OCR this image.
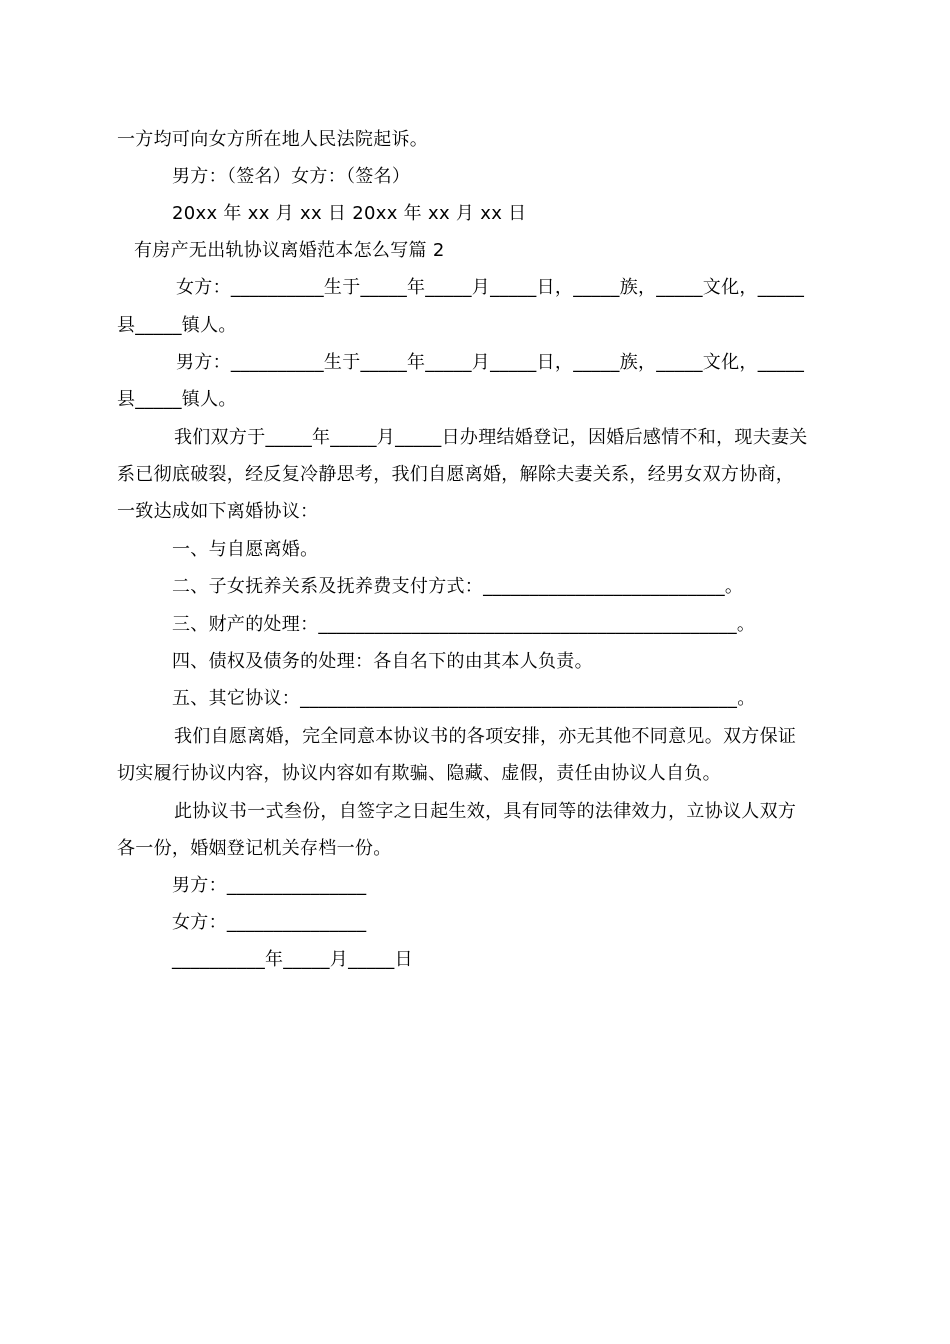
一方均可向女方所在地人民法院起诉。
男方：（签名）女方：（签名）
20xx 年 xx 月 xx 日 20xx 年 xx 月 xx 日
有房产无出轨协议离婚范本怎么写篇 2
女方：__________生于_____年_____月_____日，_____族，_____文化，_____
县_____镇人。
男方：__________生于_____年_____月_____日，_____族，_____文化，_____
县_____镇人。
我们双方于_____年_____月_____日办理结婚登记，因婚后感情不和，现夫妻关
系已彻底破裂，经反复冷静思考，我们自愿离婚，解除夫妻关系，经男女双方协商，
一致达成如下离婚协议：
一、与自愿离婚。
二、子女抚养关系及抚养费支付方式：__________________________。
三、财产的处理：_____________________________________________。
四、债权及债务的处理：各自名下的由其本人负责。
五、其它协议：_______________________________________________。
我们自愿离婚，完全同意本协议书的各项安排，亦无其他不同意见。双方保证
切实履行协议内容，协议内容如有欺骗、隐藏、虚假，责任由协议人自负。
此协议书一式叁份，自签字之日起生效，具有同等的法律效力，立协议人双方
各一份，婚姻登记机关存档一份。
男方：_______________
女方：_______________
__________年_____月_____日
